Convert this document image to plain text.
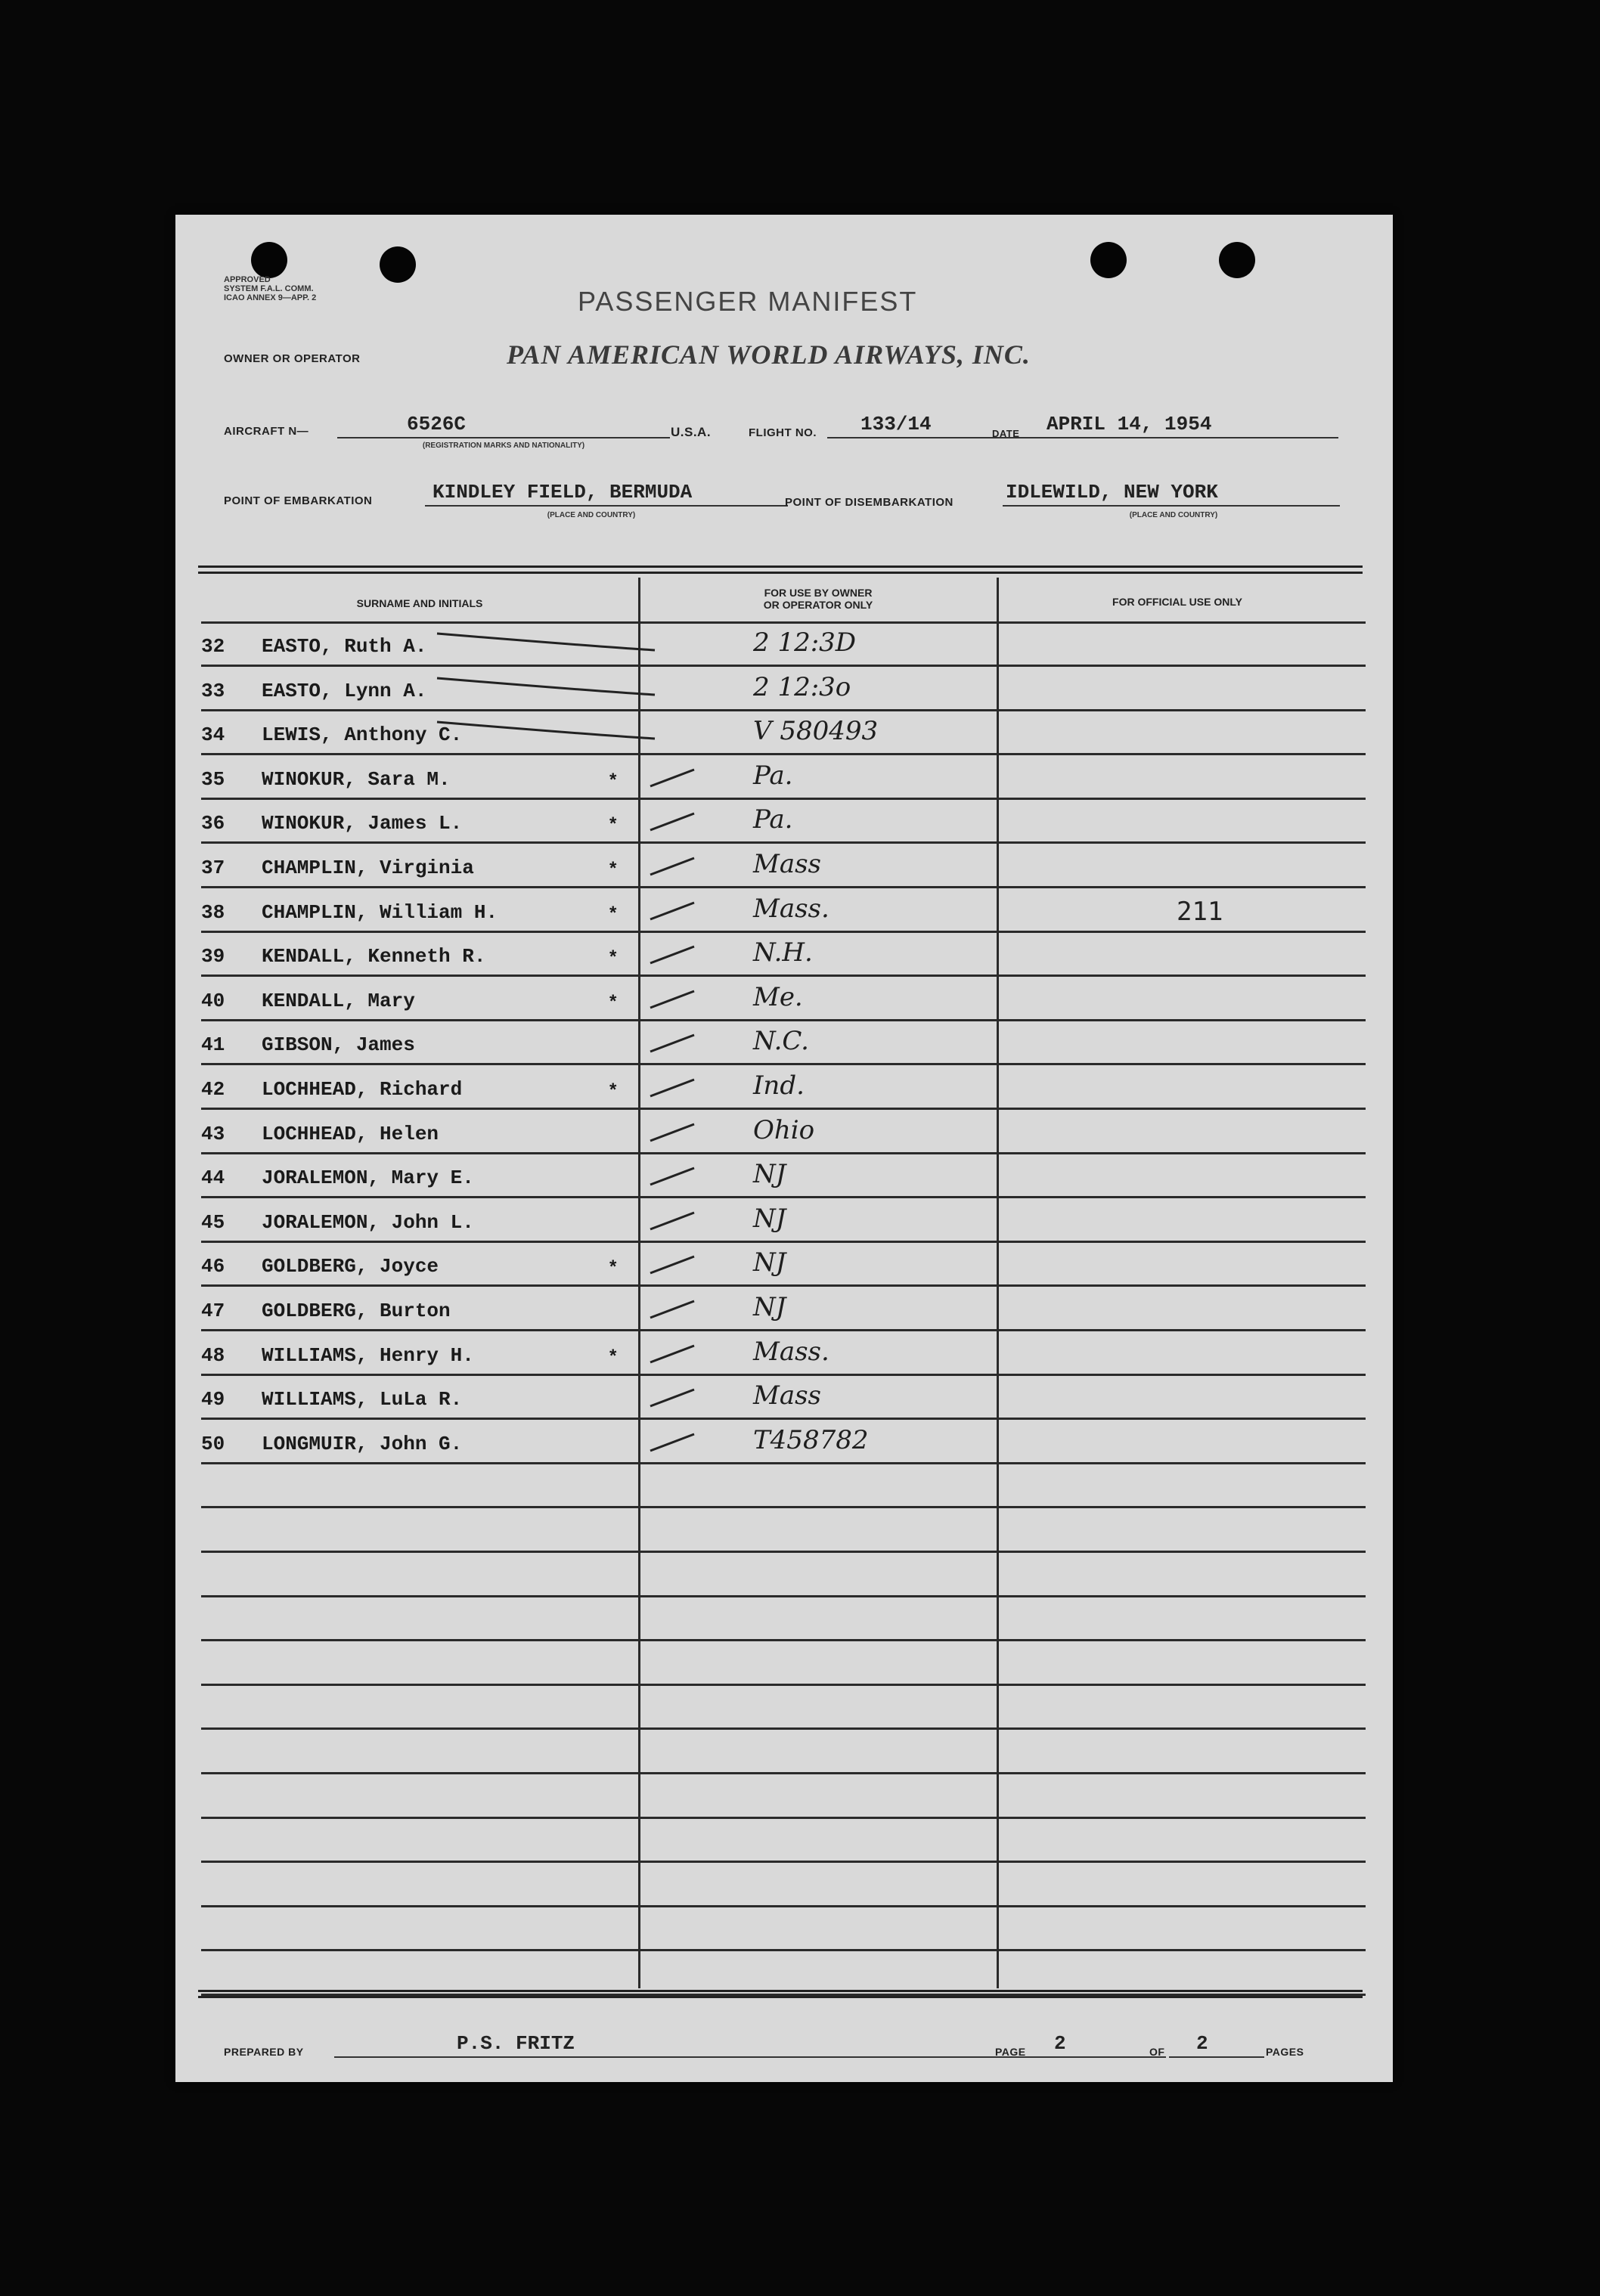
APPROVED
SYSTEM F.A.L. COMM.
ICAO ANNEX 9—APP. 2	PASSENGER MANIFEST
OWNER OR OPERATOR	PAN AMERICAN WORLD AIRWAYS, INC.
AIRCRAFT N—	6526C
(REGISTRATION MARKS AND NATIONALITY)
U.S.A.	FLIGHT NO. 133/14	DATE APRIL 14, 1954
POINT OF EMBARKATION	KINDLEY FIELD, BERMUDA
(PLACE AND COUNTRY)
POINT OF DISEMBARKATION	IDLEWILD, NEW YORK
(PLACE AND COUNTRY)
SURNAME AND INITIALS
FOR USE BY OWNER
OR OPERATOR ONLY	FOR OFFICIAL USE ONLY
32 EASTO, Ruth A.	2 12:3D
33 EASTO, Lynn A.	2 12:3o
34 LEWIS, Anthony C.	V 580493
35 WINOKUR, Sara M.	*	Pa.
36 WINOKUR, James L.	*	Pa.
37 CHAMPLIN, Virginia	*	Mass
38 CHAMPLIN, William H.	*	Mass.	211
39 KENDALL, Kenneth R.	*	N.H.
40 KENDALL, Mary	*	Me.
41 GIBSON, James	N.C.
42 LOCHHEAD, Richard	*	Ind.
43 LOCHHEAD, Helen	Ohio
44 JORALEMON, Mary E.	NJ
45 JORALEMON, John L.	NJ
46 GOLDBERG, Joyce	*	NJ
47 GOLDBERG, Burton	NJ
48 WILLIAMS, Henry H.	*	Mass.
49 WILLIAMS, LuLa R.	Mass
50 LONGMUIR, John G.	T458782
PREPARED BY	P.S. FRITZ	PAGE 2	OF 2	PAGES
